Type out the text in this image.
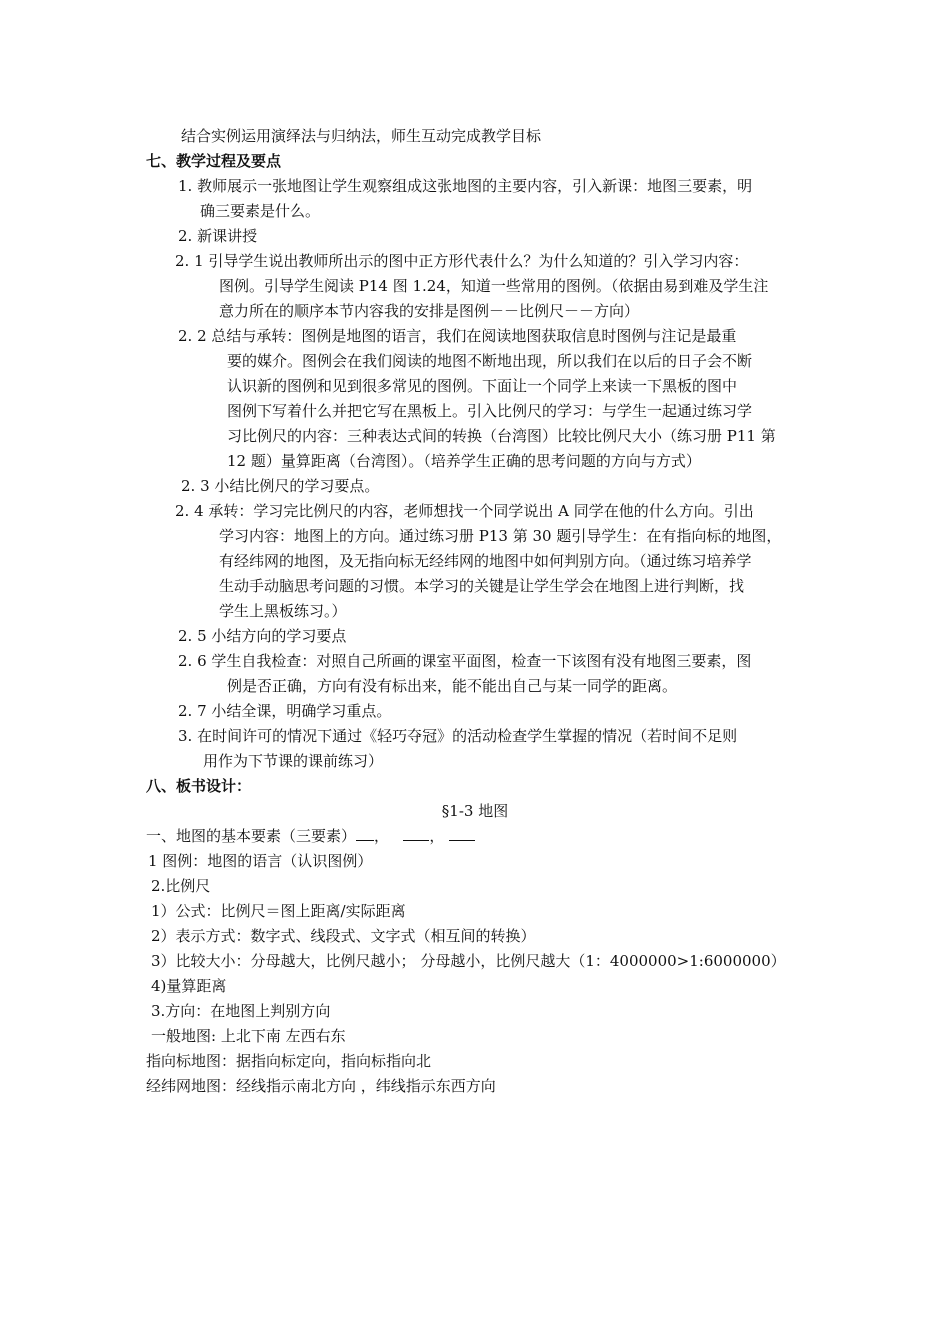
结合实例运用演绎法与归纳法，师生互动完成教学目标
七、教学过程及要点
1. 教师展示一张地图让学生观察组成这张地图的主要内容，引入新课：地图三要素，明
确三要素是什么。
2. 新课讲授
2. 1 引导学生说出教师所出示的图中正方形代表什么？为什么知道的？引入学习内容：
图例。引导学生阅读 P14 图 1.24，知道一些常用的图例。（依据由易到难及学生注
意力所在的顺序本节内容我的安排是图例－－比例尺－－方向）
2. 2 总结与承转：图例是地图的语言，我们在阅读地图获取信息时图例与注记是最重
要的媒介。图例会在我们阅读的地图不断地出现，所以我们在以后的日子会不断
认识新的图例和见到很多常见的图例。下面让一个同学上来读一下黑板的图中
图例下写着什么并把它写在黑板上。引入比例尺的学习：与学生一起通过练习学
习比例尺的内容：三种表达式间的转换（台湾图）比较比例尺大小（练习册 P11 第
12 题）量算距离（台湾图）。（培养学生正确的思考问题的方向与方式）
2. 3 小结比例尺的学习要点。
2. 4 承转：学习完比例尺的内容，老师想找一个同学说出 A 同学在他的什么方向。引出
学习内容：地图上的方向。通过练习册 P13 第 30 题引导学生：在有指向标的地图，
有经纬网的地图，及无指向标无经纬网的地图中如何判别方向。（通过练习培养学
生动手动脑思考问题的习惯。本学习的关键是让学生学会在地图上进行判断，找
学生上黑板练习。）
2. 5 小结方向的学习要点
2. 6 学生自我检查：对照自己所画的课室平面图，检查一下该图有没有地图三要素，图
例是否正确，方向有没有标出来，能不能出自己与某一同学的距离。
2. 7 小结全课，明确学习重点。
3. 在时间许可的情况下通过《轻巧夺冠》的活动检查学生掌握的情况（若时间不足则
用作为下节课的课前练习）
八、板书设计：
§1-3 地图
一、地图的基本要素（三要素） ，	，
1 图例：地图的语言（认识图例）
2.比例尺
1）公式：比例尺＝图上距离/实际距离
2）表示方式：数字式、线段式、文字式（相互间的转换）
3）比较大小：分母越大，比例尺越小； 分母越小，比例尺越大（1：4000000>1:6000000）
4)量算距离
3.方向：在地图上判别方向
一般地图: 上北下南 左西右东
指向标地图：据指向标定向，指向标指向北
经纬网地图：经线指示南北方向 ，纬线指示东西方向
